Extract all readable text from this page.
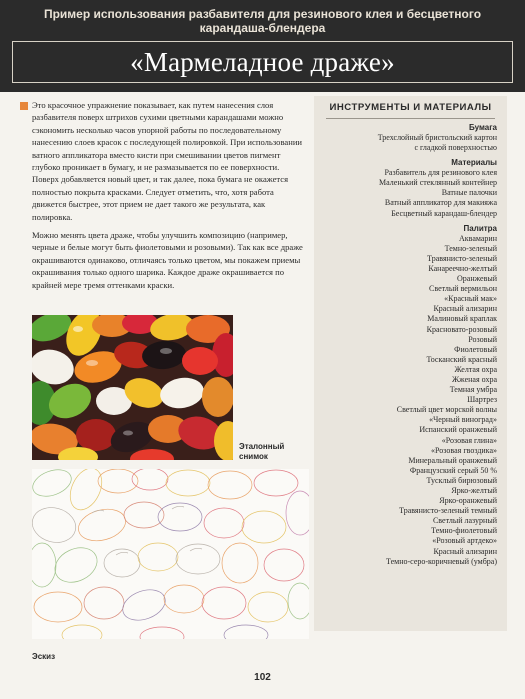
Пример использования разбавителя для резинового клея и бесцветного карандаша-блендера
«Мармеладное драже»

Это красочное упражнение показывает, как путем нанесения слоя разбавителя поверх штрихов сухими цветными карандашами можно сэкономить несколько часов упорной работы по последовательному нанесению слоев красок с последующей полировкой. При использовании ватного аппликатора вместо кисти при смешивании цветов пигмент глубоко проникает в бумагу, и не размазывается по ее поверхности. Поверх добавляется новый цвет, и так далее, пока бумага не окажется полностью покрыта красками. Следует отметить, что, хотя работа движется быстрее, этот прием не дает такого же результата, как полировка.

Можно менять цвета драже, чтобы улучшить композицию (например, черные и белые могут быть фиолетовыми и розовыми). Так как все драже окрашиваются одинаково, отличаясь только цветом, мы покажем приемы окрашивания только одного шарика. Каждое драже окрашивается по крайней мере тремя оттенками краски.

Эталонный снимок
Эскиз
102
ИНСТРУМЕНТЫ И МАТЕРИАЛЫ
Бумага
Трехслойный бристольский картон
с гладкой поверхностью
Материалы
Разбавитель для резинового клея
Маленький стеклянный контейнер
Ватные палочки
Ватный аппликатор для макияжа
Бесцветный карандаш-блендер
Палитра
Аквамарин
Темно-зеленый
Травянисто-зеленый
Канареечно-желтый
Оранжевый
Светлый вермильон
«Красный мак»
Красный ализарин
Малиновый краплак
Красновато-розовый
Розовый
Фиолетовый
Тосканский красный
Желтая охра
Жженая охра
Темная умбра
Шартрез
Светлый цвет морской волны
«Черный виноград»
Испанский оранжевый
«Розовая глина»
«Розовая гвоздика»
Минеральный оранжевый
Французский серый 50 %
Тусклый бирюзовый
Ярко-желтый
Ярко-оранжевый
Травянисто-зеленый темный
Светлый лазурный
Темно-фиолетовый
«Розовый артдеко»
Красный ализарин
Темно-серо-коричневый (умбра)
